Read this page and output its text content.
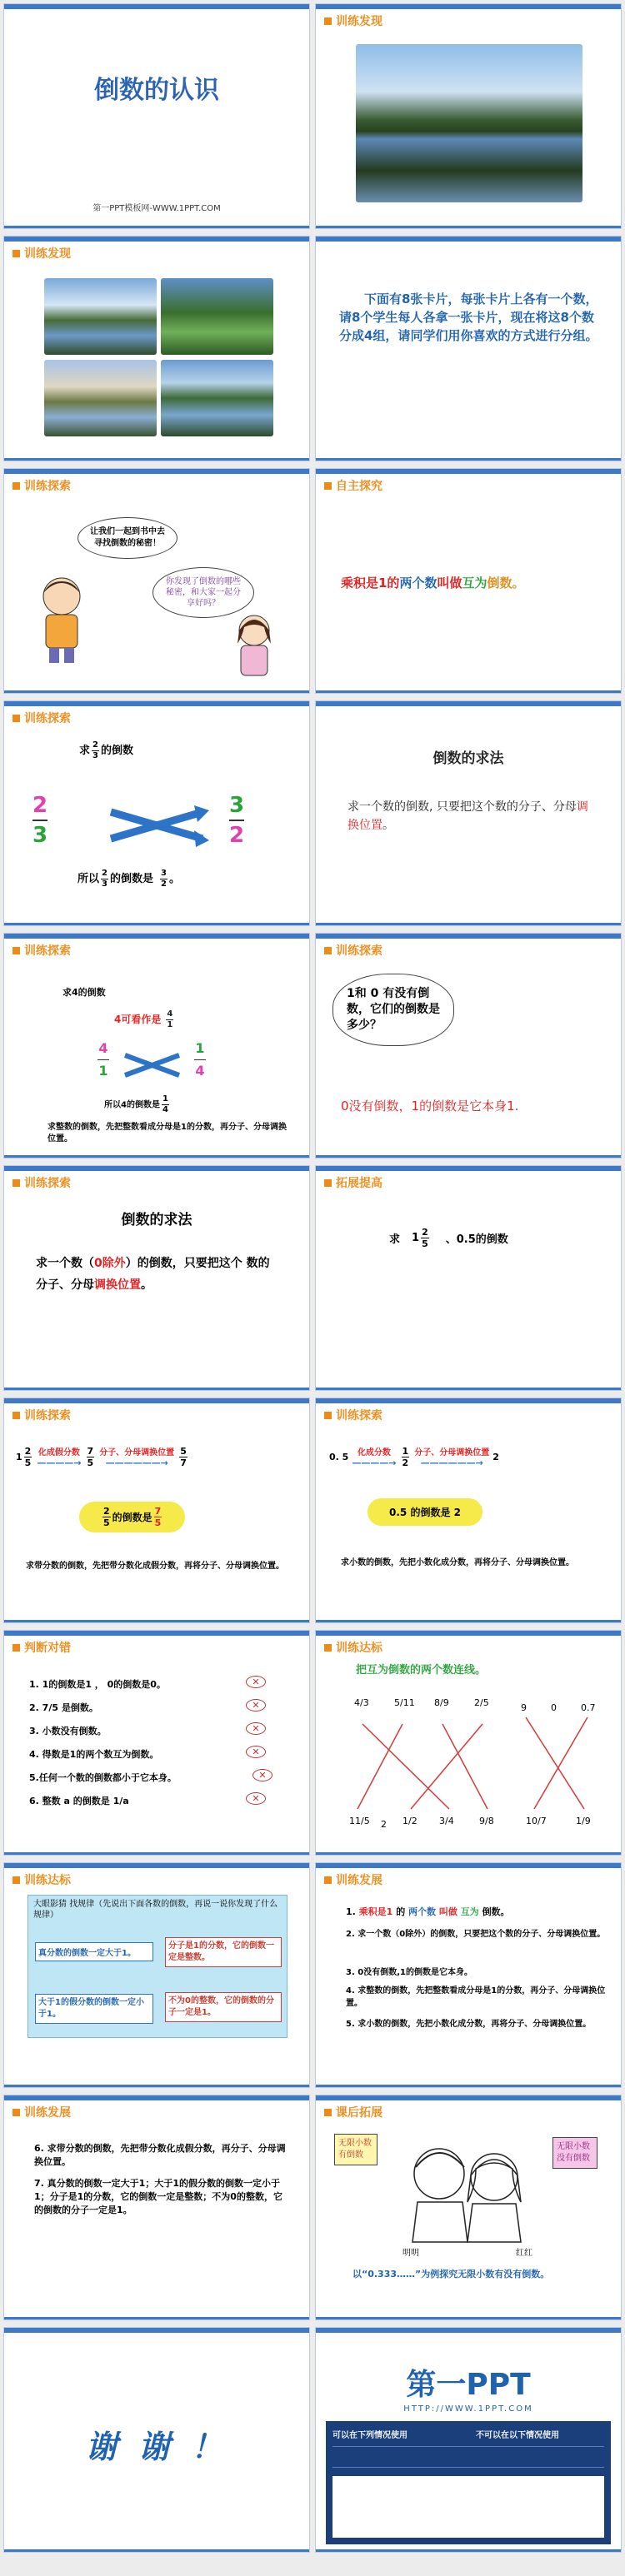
倒数的认识
第一PPT模板网-WWW.1PPT.COM
训练发现
训练发现
下面有8张卡片，每张卡片上各有一个数，请8个学生每人各拿一张卡片，现在将这8个数分成4组，请同学们用你喜欢的方式进行分组。
训练探索
让我们一起到书中去寻找倒数的秘密！
你发现了倒数的哪些秘密，和大家一起分享好吗？
自主探究
乘积是1的两个数叫做互为倒数。
训练探索
求 $\frac{2}{3}$ 的倒数
2
3
3
2
所以 $\frac{2}{3}$ 的倒数是 $\frac{3}{2}$ 。
倒数的求法
求一个数的倒数, 只要把这个数的分子、分母调换位置。
训练探索
求4的倒数
4可看作是 $\frac{4}{1}$
4
1
1
4
所以4的倒数是 $\frac{1}{4}$
求整数的倒数，先把整数看成分母是1的分数，再分子、分母调换位置。
训练探索
1和 0 有没有倒数，它们的倒数是多少？
0没有倒数，1的倒数是它本身1.
训练探索
倒数的求法
求一个数（0除外）的倒数，只要把这个 数的分子、分母调换位置。
拓展提高
求 $1 \frac{2}{5}$ 、0.5的倒数
训练探索
$1 \frac{2}{5}$ 化成假分数
————→ $\frac{7}{5}$ 分子、分母调换位置
——————→ $\frac{5}{7}$
$\frac{2}{5}$ 的倒数是 $\frac{7}{5}$
求带分数的倒数，先把带分数化成假分数，再将分子、分母调换位置。
训练探索
0. 5 化成分数
————→ $\frac{1}{2}$ 分子、分母调换位置
——————→
2
0.5 的倒数是 2
求小数的倒数，先把小数化成分数，再将分子、分母调换位置。
判断对错
1. 1的倒数是1 ， 0的倒数是0。
2. 7/5 是倒数。
3. 小数没有倒数。
4. 得数是1的两个数互为倒数。
5.任何一个数的倒数都小于它本身。
6. 整数 a 的倒数是 1/a
✕
✕
✕
✕
✕
✕
训练达标
把互为倒数的两个数连线。
4/3	5/11 8/9	2/5	9	0	0.7
11/5 2 1/2 3/4	9/8	10/7	1/9
训练达标
大眼影猜 找规律（先说出下面各数的倒数，再说一说你发现了什么规律）
真分数的倒数一定大于1。
大于1的假分数的倒数一定小于1。
分子是1的分数，它的倒数一定是整数。
不为0的整数，它的倒数的分子一定是1。
训练发展
1. 乘积是1 的 两个数 叫做 互为 倒数。
2. 求一个数（0除外）的倒数，只要把这个数的分子、分母调换位置。
3. 0没有倒数,1的倒数是它本身。
4. 求整数的倒数，先把整数看成分母是1的分数，再分子、分母调换位置。
5. 求小数的倒数，先把小数化成分数，再将分子、分母调换位置。
训练发展
6. 求带分数的倒数，先把带分数化成假分数，再分子、分母调换位置。
7. 真分数的倒数一定大于1；大于1的假分数的倒数一定小于1；分子是1的分数，它的倒数一定是整数；不为0的整数，它的倒数的分子一定是1。
课后拓展
无限小数有倒数
无限小数没有倒数
明明	红红
以“0.333……”为例探究无限小数有没有倒数。
谢 谢 ！
第一PPT
HTTP://WWW.1PPT.COM
可以在下列情况使用	不可以在以下情况使用
